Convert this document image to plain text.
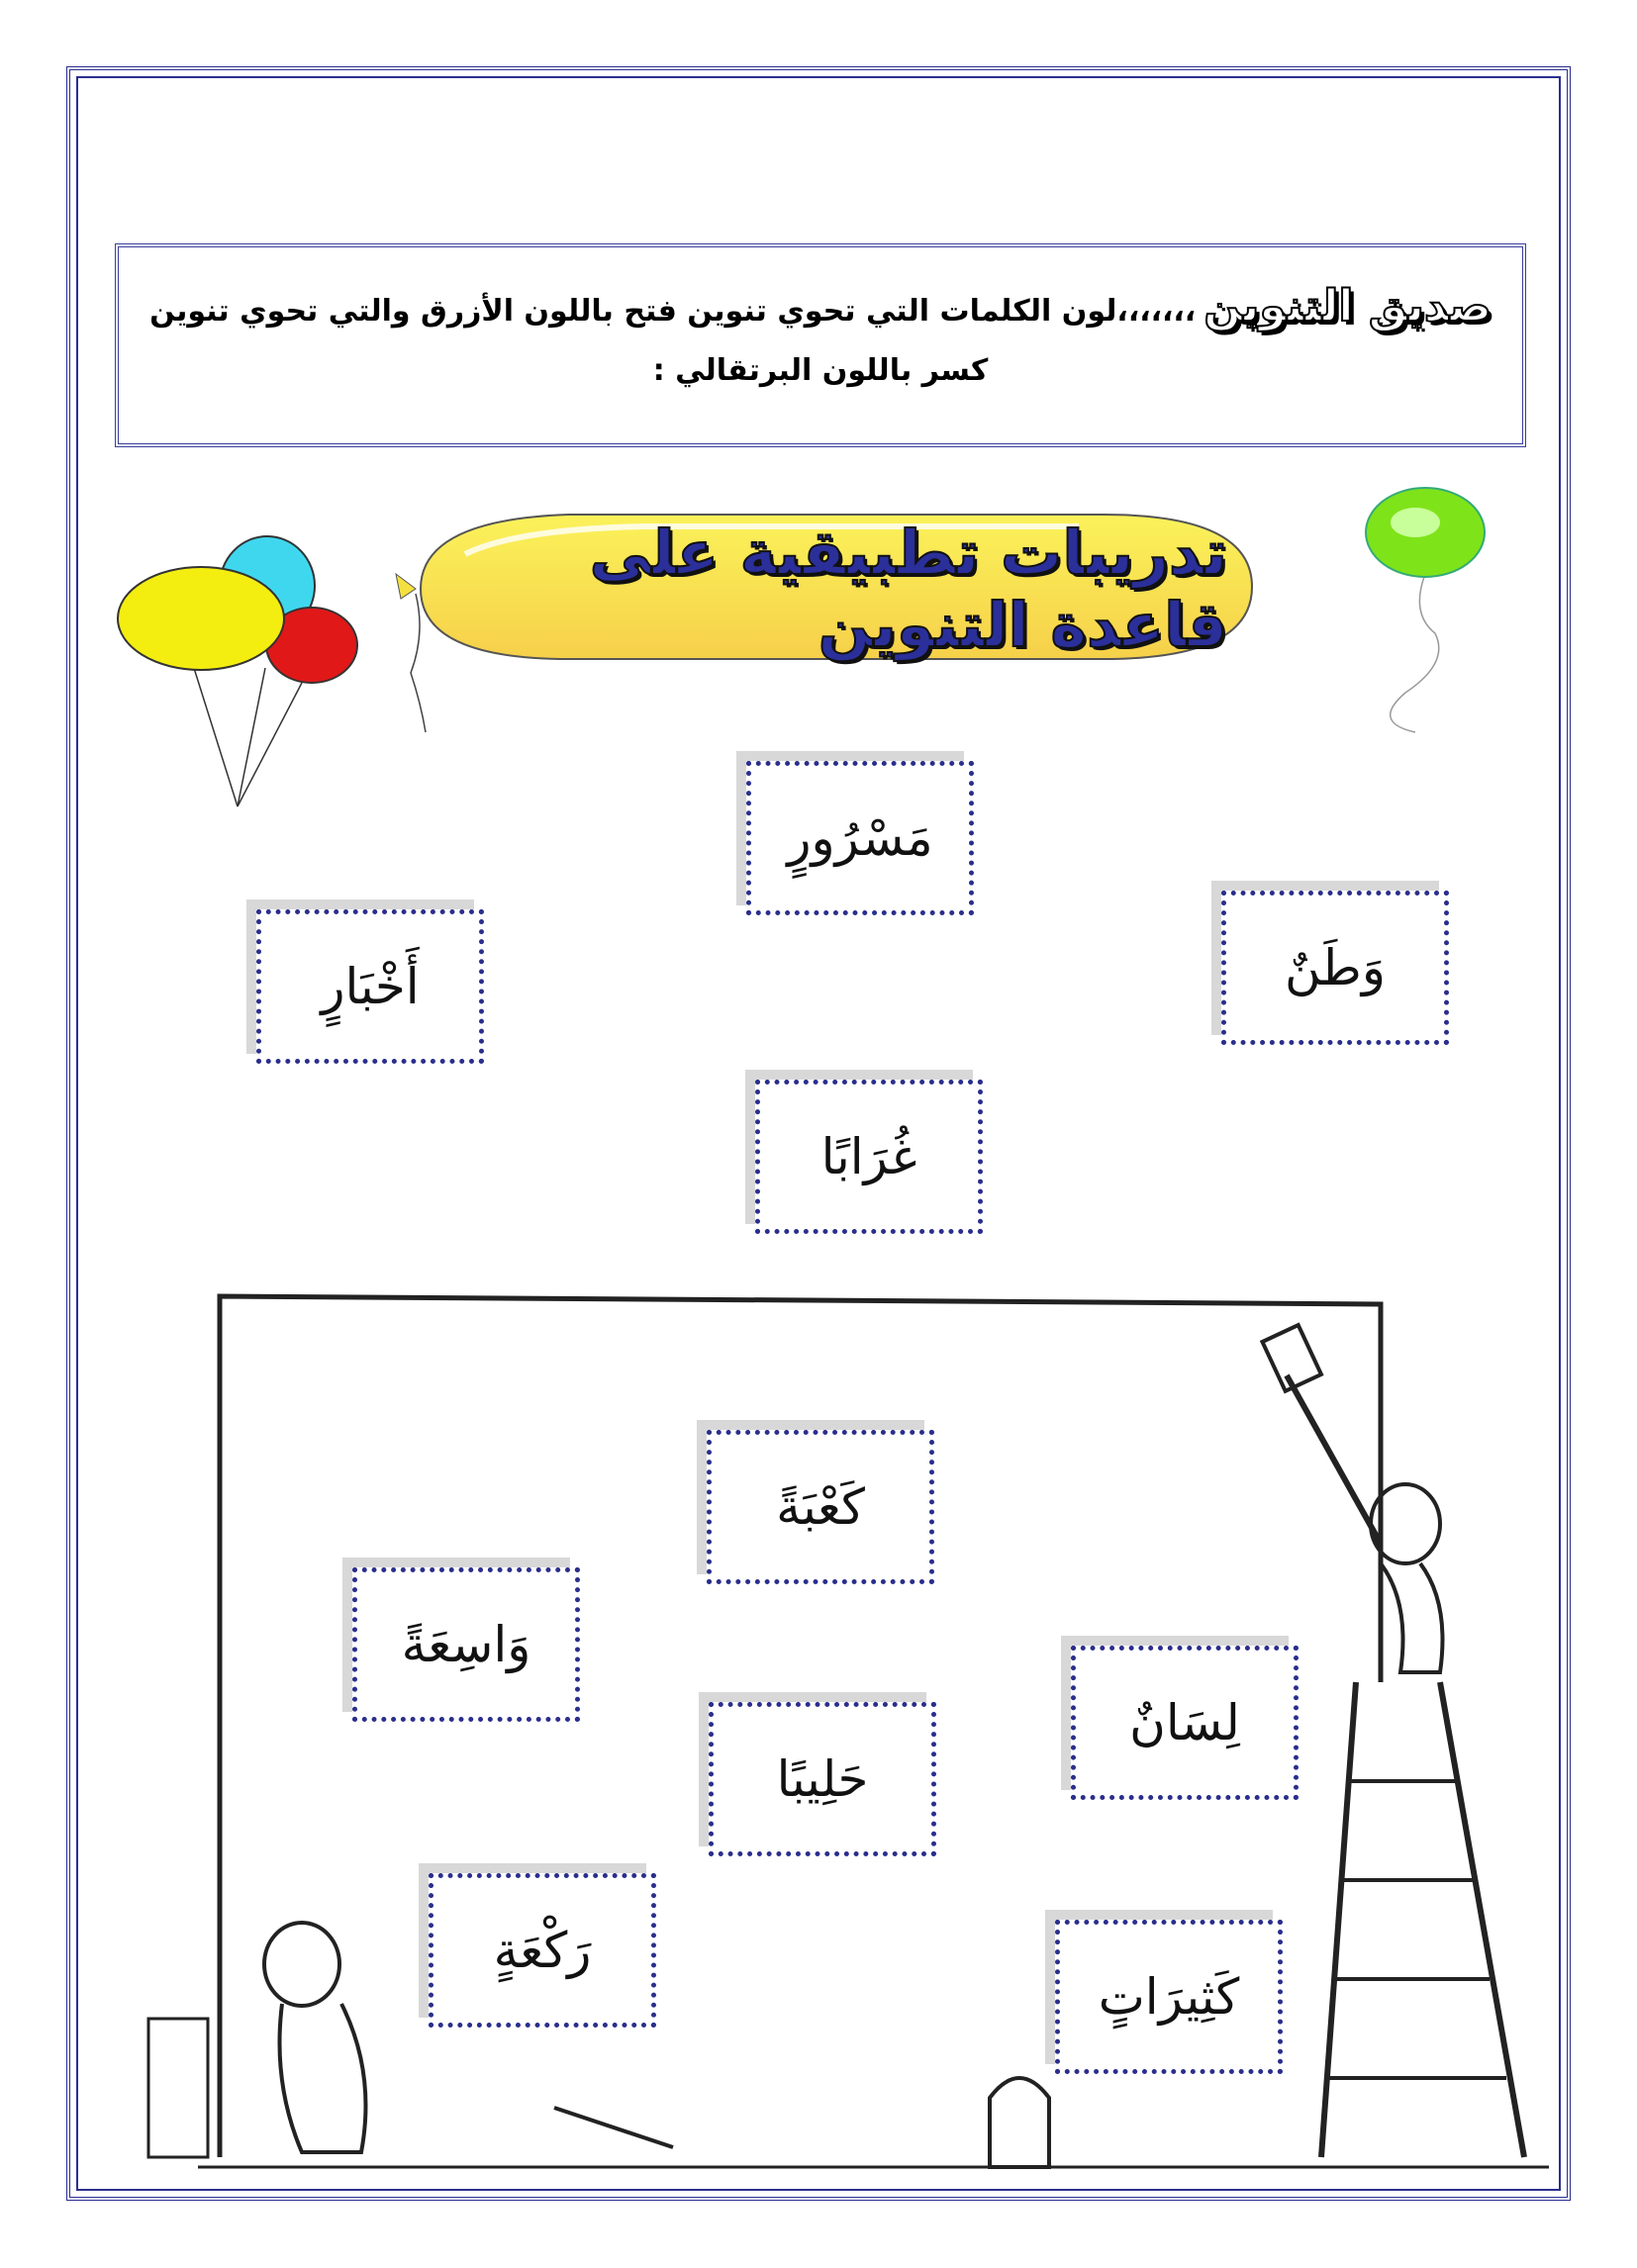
صديق التنوين،،،،،،،لون الكلمات التي تحوي تنوين فتح باللون الأزرق والتي تحوي تنوين كسر باللون البرتقالي :
تدريبات تطبيقية على قاعدة التنوين
مَسْرُورٍ
وَطَنٌ
أَخْبَارٍ
غُرَابًا
كَعْبَةً
وَاسِعَةً
لِسَانٌ
حَلِيبًا
رَكْعَةٍ
كَثِيرَاتٍ
